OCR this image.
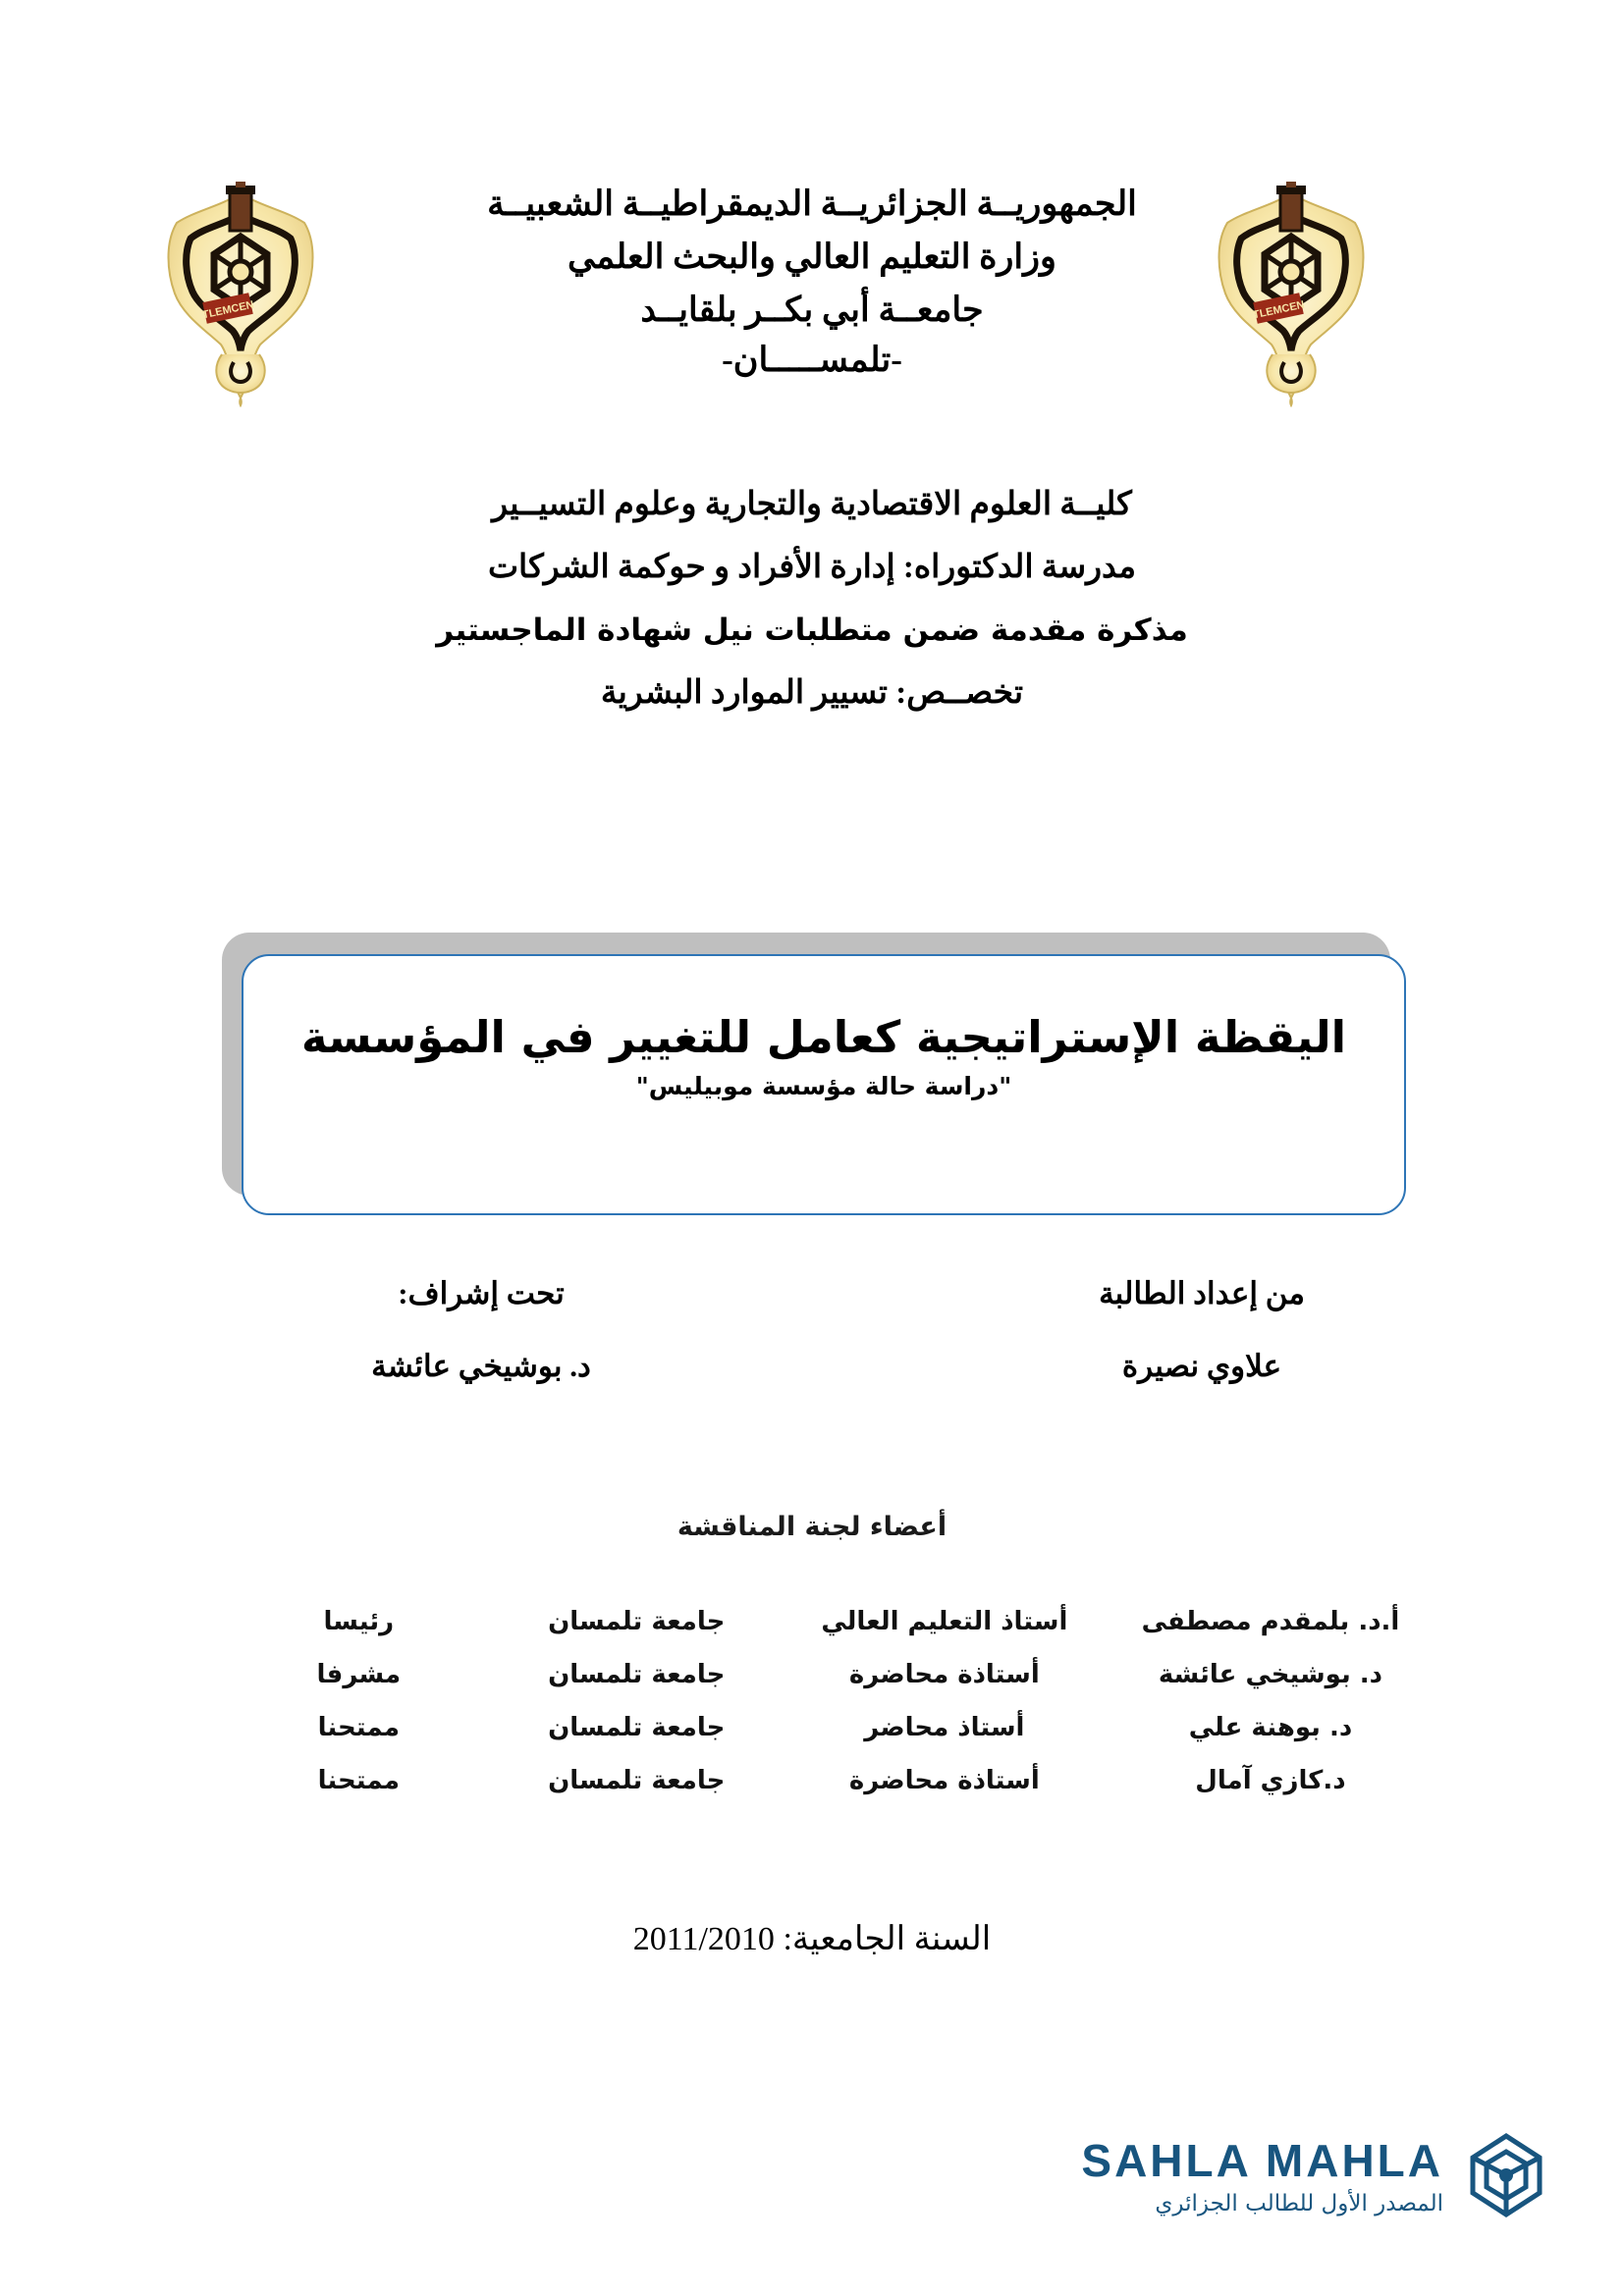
TLEMCEN	TLEMCEN
الجمهوريــة الجزائريــة الديمقراطيــة الشعبيــة
وزارة التعليم العالي والبحث العلمي
جامعــة أبي بكــر بلقايــد
-تلمســـــان-
كليــة العلوم الاقتصادية والتجارية وعلوم التسيــير
مدرسة الدكتوراه: إدارة الأفراد و حوكمة الشركات
مذكرة مقدمة ضمن متطلبات نيل شهادة الماجستير
تخصــص: تسيير الموارد البشرية
اليقظة الإستراتيجية كعامل للتغيير في المؤسسة
"دراسة حالة مؤسسة موبيليس"
من إعداد الطالبة
علاوي نصيرة
تحت إشراف:
د. بوشيخي عائشة
أعضاء لجنة المناقشة
أ.د. بلمقدم مصطفى	أستاذ التعليم العالي	جامعة تلمسان	رئيسا
د. بوشيخي عائشة	أستاذة محاضرة	جامعة تلمسان	مشرفا
د. بوهنة علي	أستاذ محاضر	جامعة تلمسان	ممتحنا
د.كازي آمال	أستاذة محاضرة	جامعة تلمسان	ممتحنا
السنة الجامعية: 2011/2010
SAHLA MAHLA
المصدر الأول للطالب الجزائري
